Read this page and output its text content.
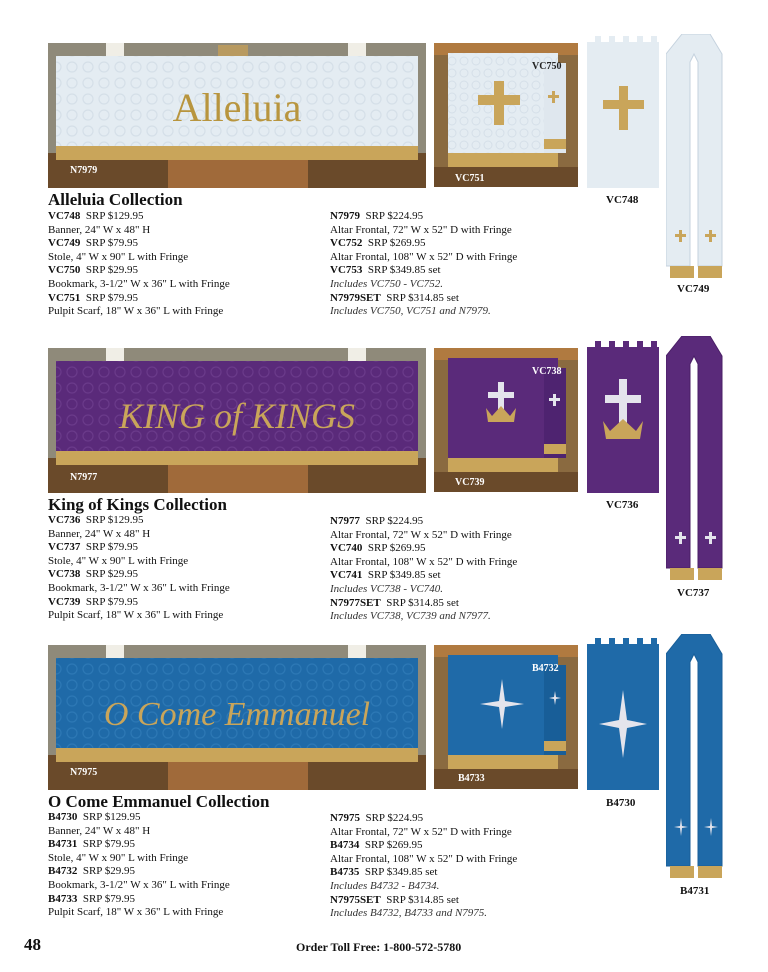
Alleluia
N7979
VC750
VC751
VC748
VC749
Alleluia Collection
VC748 SRP $129.95
Banner, 24" W x 48" H
VC749 SRP $79.95
Stole, 4" W x 90" L with Fringe
VC750 SRP $29.95
Bookmark, 3-1/2" W x 36" L with Fringe
VC751 SRP $79.95
Pulpit Scarf, 18" W x 36" L with Fringe
N7979 SRP $224.95
Altar Frontal, 72" W x 52" D with Fringe
VC752 SRP $269.95
Altar Frontal, 108" W x 52" D with Fringe
VC753 SRP $349.85 set
Includes VC750 - VC752.
N7979SET SRP $314.85 set
Includes VC750, VC751 and N7979.
KING of KINGS
N7977
VC738
VC739
VC736
VC737
King of Kings Collection
VC736 SRP $129.95
Banner, 24" W x 48" H
VC737 SRP $79.95
Stole, 4" W x 90" L with Fringe
VC738 SRP $29.95
Bookmark, 3-1/2" W x 36" L with Fringe
VC739 SRP $79.95
Pulpit Scarf, 18" W x 36" L with Fringe
N7977 SRP $224.95
Altar Frontal, 72" W x 52" D with Fringe
VC740 SRP $269.95
Altar Frontal, 108" W x 52" D with Fringe
VC741 SRP $349.85 set
Includes VC738 - VC740.
N7977SET SRP $314.85 set
Includes VC738, VC739 and N7977.
O Come Emmanuel
N7975
B4732
B4733
B4730
B4731
O Come Emmanuel Collection
B4730 SRP $129.95
Banner, 24" W x 48" H
B4731 SRP $79.95
Stole, 4" W x 90" L with Fringe
B4732 SRP $29.95
Bookmark, 3-1/2" W x 36" L with Fringe
B4733 SRP $79.95
Pulpit Scarf, 18" W x 36" L with Fringe
N7975 SRP $224.95
Altar Frontal, 72" W x 52" D with Fringe
B4734 SRP $269.95
Altar Frontal, 108" W x 52" D with Fringe
B4735 SRP $349.85 set
Includes B4732 - B4734.
N7975SET SRP $314.85 set
Includes B4732, B4733 and N7975.
48	Order Toll Free: 1-800-572-5780
